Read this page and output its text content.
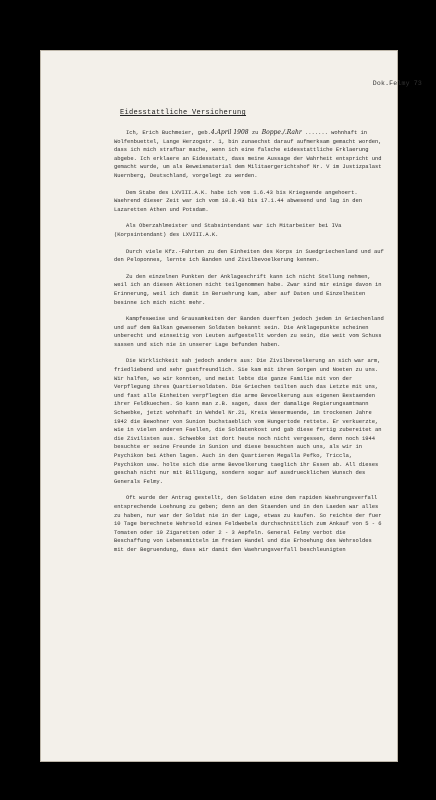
Dok.Felmy 73
Eidesstattliche Versicherung

Ich, Erich Buchmeier, geb.4.April 1908 zu Boppe./.Rahr ....... wohnhaft in Wolfenbuettel, Lange Herzogstr. 1, bin zunaechst darauf aufmerksam gemacht worden, dass ich mich strafbar mache, wenn ich eine falsche eidesstattliche Erklaerung abgebe. Ich erklaere an Eidesstatt, dass meine Aussage der Wahrheit entspricht und gemacht wurde, um als Beweismaterial dem Militaergerichtshof Nr. V im Justizpalast Nuernberg, Deutschland, vorgelegt zu werden.

Dem Stabe des LXVIII.A.K. habe ich vom 1.6.43 bis Kriegsende angehoert. Waehrend dieser Zeit war ich vom 10.8.43 bis 17.1.44 abwesend und lag in den Lazaretten Athen und Potsdam.

Als Oberzahlmeister und Stabsintendant war ich Mitarbeiter bei IVa (Korpsintendant) des LXVIII.A.K.

Durch viele Kfz.-Fahrten zu den Einheiten des Korps in Suedgriechenland und auf den Peloponnes, lernte ich Banden und Zivilbevoelkerung kennen.

Zu den einzelnen Punkten der Anklageschrift kann ich nicht Stellung nehmen, weil ich an diesen Aktionen nicht teilgenommen habe. Zwar sind mir einige davon in Erinnerung, weil ich damit in Beruehrung kam, aber auf Daten und Einzelheiten besinne ich mich nicht mehr.

Kampfesweise und Grausamkeiten der Banden duerften jedoch jedem in Griechenland und auf dem Balkan gewesenen Soldaten bekannt sein. Die Anklagepunkte scheinen unberecht und einseitig von Leuten aufgestellt worden zu sein, die weit vom Schuss sassen und sich nie in unserer Lage befunden haben.

Die Wirklichkeit sah jedoch anders aus: Die Zivilbevoelkerung an sich war arm, friedliebend und sehr gastfreundlich. Sie kam mit ihren Sorgen und Noeten zu uns. Wir halfen, wo wir konnten, und meist lebte die ganze Familie mit von der Verpflegung ihres Quartiersoldaten. Die Griechen teilten auch das Letzte mit uns, und fast alle Einheiten verpflegten die arme Bevoelkerung aus eigenen Bestaenden ihrer Feldkuechen. So kann man z.B. sagen, dass der damalige Regierungsamtmann Schwebke, jetzt wohnhaft in Wehdel Nr.21, Kreis Wesermuende, im trockenen Jahre 1942 die Bewohner von Sunion buchstaeblich vom Hungertode rettete. Er verkuerzte, wie in vielen anderen Faellen, die Soldatenkost und gab diese fertig zubereitet an die Zivilisten aus. Schwebke ist dort heute noch nicht vergessen, denn noch 1944 besuchte er seine Freunde in Sunion und diese besuchten auch uns, als wir in Psychikon bei Athen lagen. Auch in den Quartieren Megalla Pefko, Triccla, Psychikon usw. holte sich die arme Bevoelkerung taeglich ihr Essen ab. All dieses geschah nicht nur mit Billigung, sondern sogar auf ausdruecklichen Wunsch des Generals Felmy.

Oft wurde der Antrag gestellt, den Soldaten eine dem rapiden Waehrungsverfall entsprechende Loehnung zu geben; denn an den Staenden und in den Laeden war alles zu haben, nur war der Soldat nie in der Lage, etwas zu kaufen. So reichte der fuer 10 Tage berechnete Wehrsold eines Feldwebels durchschnittlich zum Ankauf von 5 - 6 Tomaten oder 10 Zigaretten oder 2 - 3 Aepfeln. General Felmy verbot die Beschaffung von Lebensmitteln im freien Handel und die Erhoehung des Wehrsoldes mit der Begruendung, dass wir damit den Waehrungsverfall beschleunigten
